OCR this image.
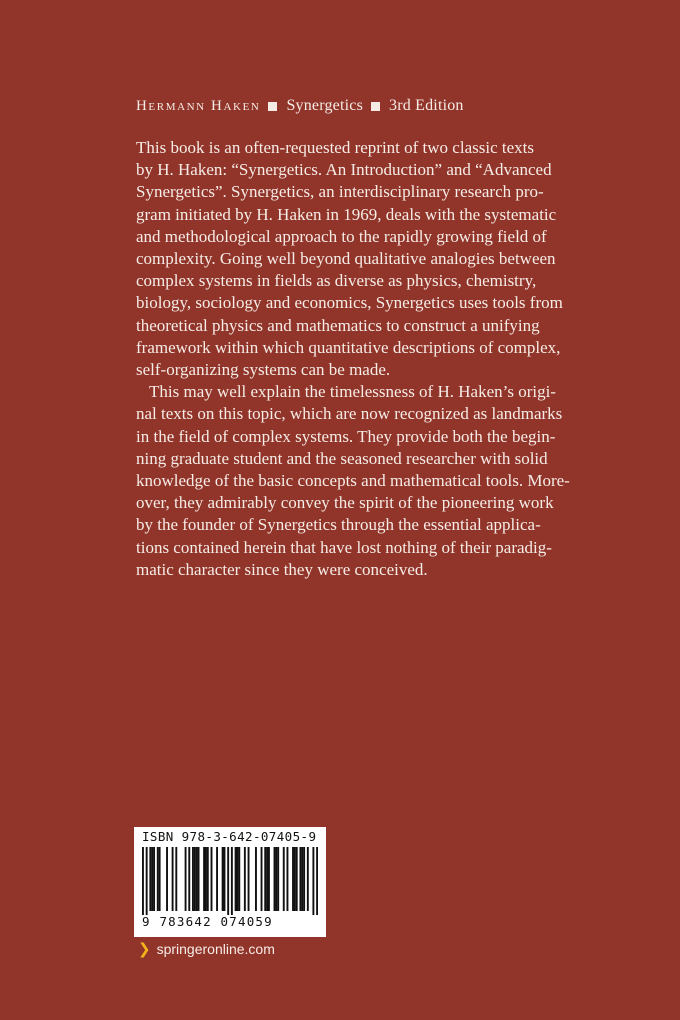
Hermann Haken Synergetics 3rd Edition
This book is an often-requested reprint of two classic texts
by H. Haken: “Synergetics. An Introduction” and “Advanced
Synergetics”. Synergetics, an interdisciplinary research pro-
gram initiated by H. Haken in 1969, deals with the systematic
and methodological approach to the rapidly growing field of
complexity. Going well beyond qualitative analogies between
complex systems in fields as diverse as physics, chemistry,
biology, sociology and economics, Synergetics uses tools from
theoretical physics and mathematics to construct a unifying
framework within which quantitative descriptions of complex,
self-organizing systems can be made.
This may well explain the timelessness of H. Haken’s origi-
nal texts on this topic, which are now recognized as landmarks
in the field of complex systems. They provide both the begin-
ning graduate student and the seasoned researcher with solid
knowledge of the basic concepts and mathematical tools. More-
over, they admirably convey the spirit of the pioneering work
by the founder of Synergetics through the essential applica-
tions contained herein that have lost nothing of their paradig-
matic character since they were conceived.
ISBN 978-3-642-07405-9
9 783642 074059
❯ springeronline.com
